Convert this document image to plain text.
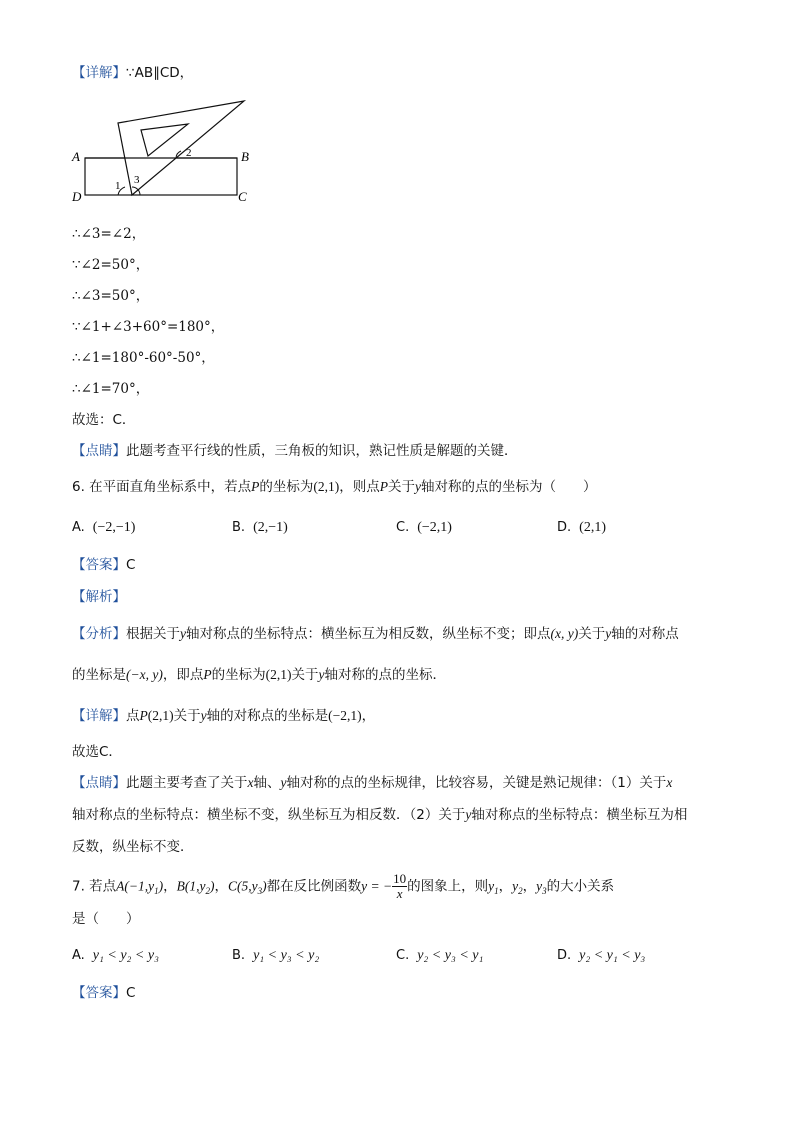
【详解】∵AB∥CD，
A	B
C
D
1 3
2
∴∠3=∠2，
∵∠2=50°，
∴∠3=50°，
∵∠1+∠3+60°=180°，
∴∠1=180°-60°-50°，
∴∠1=70°，
故选：C．
【点睛】此题考查平行线的性质，三角板的知识，熟记性质是解题的关键．
6. 在平面直角坐标系中，若点P的坐标为(2,1)，则点P关于y轴对称的点的坐标为（　　）
A. (−2,−1)	B. (2,−1)	C. (−2,1)	D. (2,1)
【答案】C
【解析】
【分析】根据关于y轴对称点的坐标特点：横坐标互为相反数，纵坐标不变；即点(x, y)关于y轴的对称点
的坐标是(−x, y)，即点P的坐标为(2,1)关于y轴对称的点的坐标．
【详解】点P(2,1)关于y轴的对称点的坐标是(−2,1)，
故选C．
【点睛】此题主要考查了关于x轴、y轴对称的点的坐标规律，比较容易，关键是熟记规律：（1）关于x
轴对称点的坐标特点：横坐标不变，纵坐标互为相反数．（2）关于y轴对称点的坐标特点：横坐标互为相
反数，纵坐标不变．
7. 若点$A(-1,y_1)$，$B(1,y_2)$，$C(5,y_3)$都在反比例函数y = − $\frac{10}{x}$ 的图象上，则$y_1$，$y_2$，$y_3$的大小关系
是（　　）
A. y₁ < y₂ < y₃	B. y₁ < y₃ < y₂	C. y₂ < y₃ < y₁	D. y₂ < y₁ < y₃
【答案】C
